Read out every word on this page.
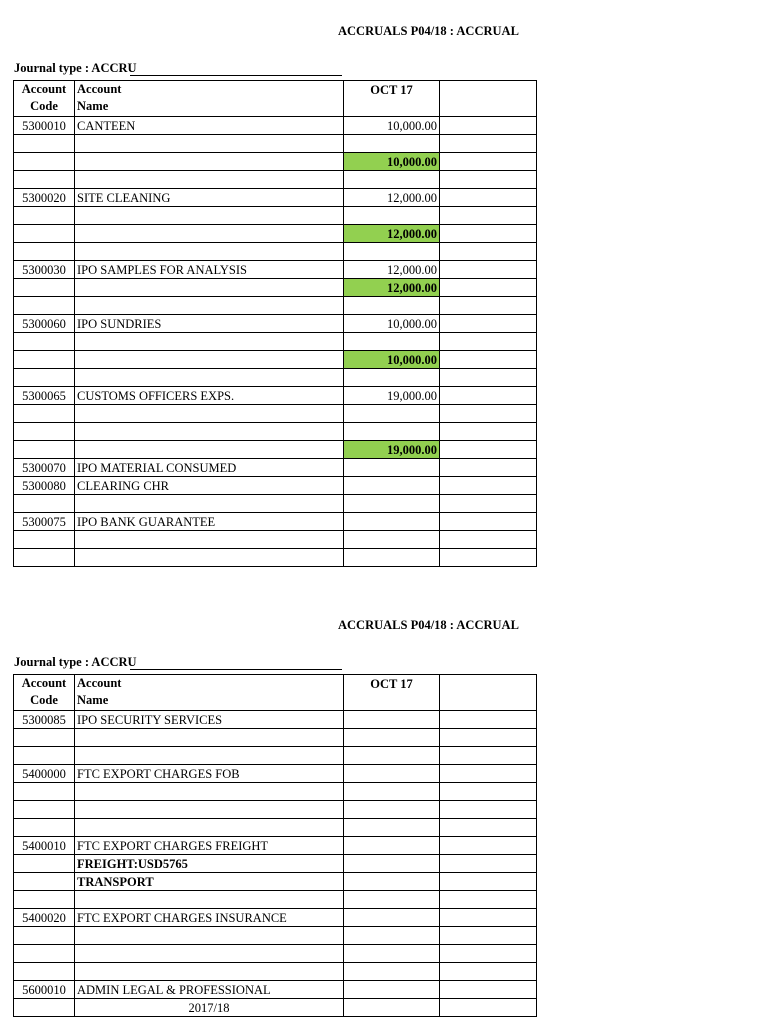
ACCRUALS P04/18 : ACCRUAL
Journal type : ACCRU
Account
Code	Account
Name	OCT 17	
5300010	CANTEEN	10,000.00	

		10,000.00	

5300020	SITE CLEANING	12,000.00	

		12,000.00	

5300030	IPO SAMPLES FOR ANALYSIS	12,000.00	
		12,000.00	

5300060	IPO SUNDRIES	10,000.00	

		10,000.00	

5300065	CUSTOMS OFFICERS EXPS.	19,000.00	

		19,000.00	
5300070	IPO MATERIAL CONSUMED		
5300080	CLEARING CHR		

5300075	IPO BANK GUARANTEE		

ACCRUALS P04/18 : ACCRUAL
Journal type : ACCRU
Account
Code	Account
Name	OCT 17	
5300085	IPO SECURITY SERVICES		

5400000	FTC EXPORT CHARGES FOB		

5400010	FTC EXPORT CHARGES FREIGHT		
	FREIGHT:USD5765		
	TRANSPORT		

5400020	FTC EXPORT CHARGES INSURANCE		

5600010	ADMIN LEGAL & PROFESSIONAL		
	2017/18		
